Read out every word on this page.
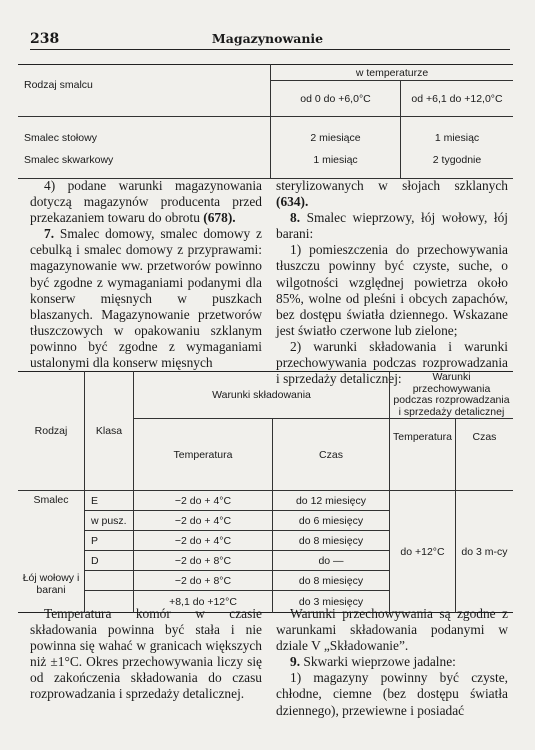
238	Magazynowanie
Rodzaj smalcu	w temperaturze	
	od 0 do +6,0°C	od +6,1 do +12,0°C

Smalec stołowy	2 miesiące	1 miesiąc
Smalec skwarkowy	1 miesiąc	2 tygodnie

4) podane warunki magazynowania dotyczą magazynów producenta przed przekazaniem towaru do obrotu (678).

7. Smalec domowy, smalec domowy z cebulką i smalec domowy z przyprawami: magazynowanie ww. przetworów powinno być zgodne z wymaganiami podanymi dla konserw mięsnych w puszkach blaszanych. Magazynowanie przetworów tłuszczowych w opakowaniu szklanym powinno być zgodne z wymaganiami ustalonymi dla konserw mięsnych

sterylizowanych w słojach szklanych (634).

8. Smalec wieprzowy, łój wołowy, łój barani:

1) pomieszczenia do przechowywania tłuszczu powinny być czyste, suche, o wilgotności względnej powietrza około 85%, wolne od pleśni i obcych zapachów, bez dostępu światła dziennego. Wskazane jest światło czerwone lub zielone;

2) warunki składowania i warunki przechowywania podczas rozprowadzania i sprzedaży detalicznej:

Rodzaj	Klasa	Warunki składowania		Warunki przechowywania podczas rozprowadzania i sprzedaży detalicznej	
		Temperatura	Czas	Temperatura	Czas
Smalec	E	−2 do + 4°C	do 12 miesięcy	do +12°C	do 3 m-cy
	w pusz.	−2 do + 4°C	do 6 miesięcy		
	P	−2 do + 4°C	do 8 miesięcy		
	D	−2 do + 8°C	do —		
Łój wołowy i barani		−2 do + 8°C	do 8 miesięcy		
		+8,1 do +12°C	do 3 miesięcy		

Temperatura komór w czasie składowania powinna być stała i nie powinna się wahać w granicach większych niż ±1°C. Okres przechowywania liczy się od zakończenia składowania do czasu rozprowadzania i sprzedaży detalicznej.

Warunki przechowywania są zgodne z warunkami składowania podanymi w dziale V „Składowanie”.

9. Skwarki wieprzowe jadalne:

1) magazyny powinny być czyste, chłodne, ciemne (bez dostępu światła dziennego), przewiewne i posiadać
